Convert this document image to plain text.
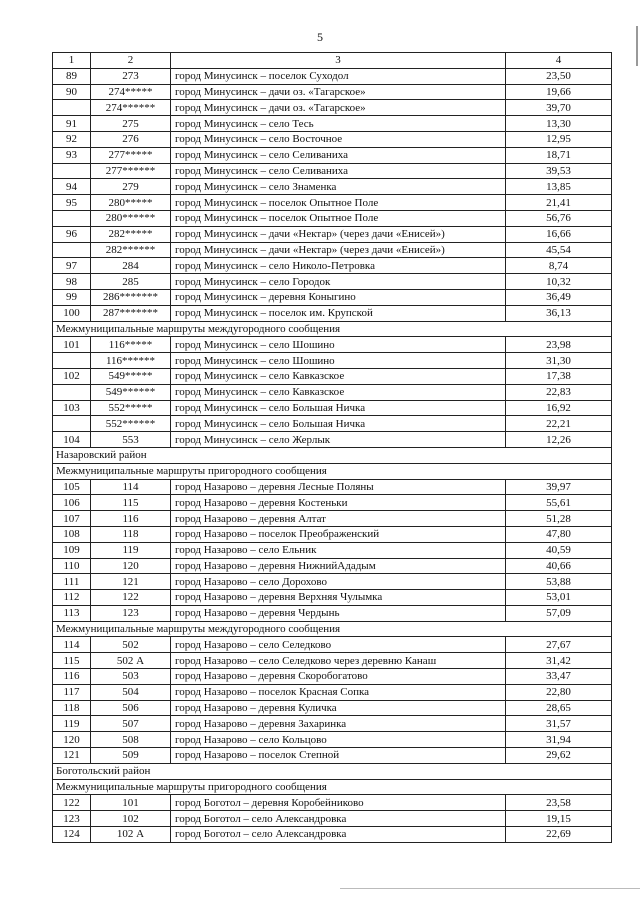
5
1	2	3	4
89	273	город Минусинск – поселок Суходол	23,50
90	274*****	город Минусинск – дачи оз. «Тагарское»	19,66
	274******	город Минусинск – дачи оз. «Тагарское»	39,70
91	275	город Минусинск – село Тесь	13,30
92	276	город Минусинск – село Восточное	12,95
93	277*****	город Минусинск – село Селиваниха	18,71
	277******	город Минусинск – село Селиваниха	39,53
94	279	город Минусинск – село Знаменка	13,85
95	280*****	город Минусинск – поселок Опытное Поле	21,41
	280******	город Минусинск – поселок Опытное Поле	56,76
96	282*****	город Минусинск – дачи «Нектар» (через дачи «Енисей»)	16,66
	282******	город Минусинск – дачи «Нектар» (через дачи «Енисей»)	45,54
97	284	город Минусинск – село Николо-Петровка	8,74
98	285	город Минусинск – село Городок	10,32
99	286*******	город Минусинск – деревня Коныгино	36,49
100	287*******	город Минусинск – поселок им. Крупской	36,13
Межмуниципальные маршруты междугородного сообщения			
101	116*****	город Минусинск – село Шошино	23,98
	116******	город Минусинск – село Шошино	31,30
102	549*****	город Минусинск – село Кавказское	17,38
	549******	город Минусинск – село Кавказское	22,83
103	552*****	город Минусинск – село Большая Ничка	16,92
	552******	город Минусинск – село Большая Ничка	22,21
104	553	город Минусинск – село Жерлык	12,26
Назаровский район			
Межмуниципальные маршруты пригородного сообщения			
105	114	город Назарово – деревня Лесные Поляны	39,97
106	115	город Назарово – деревня Костеньки	55,61
107	116	город Назарово – деревня Алтат	51,28
108	118	город Назарово – поселок Преображенский	47,80
109	119	город Назарово – село Ельник	40,59
110	120	город Назарово – деревня НижнийАдадым	40,66
111	121	город Назарово – село Дорохово	53,88
112	122	город Назарово – деревня Верхняя Чулымка	53,01
113	123	город Назарово – деревня Чердынь	57,09
Межмуниципальные маршруты междугородного сообщения			
114	502	город Назарово – село Селедково	27,67
115	502 А	город Назарово – село Селедково через деревню Канаш	31,42
116	503	город Назарово – деревня Скоробогатово	33,47
117	504	город Назарово – поселок Красная Сопка	22,80
118	506	город Назарово – деревня Куличка	28,65
119	507	город Назарово – деревня Захаринка	31,57
120	508	город Назарово – село Кольцово	31,94
121	509	город Назарово – поселок Степной	29,62
Боготольский район			
Межмуниципальные маршруты пригородного сообщения			
122	101	город Боготол – деревня Коробейниково	23,58
123	102	город Боготол – село Александровка	19,15
124	102 А	город Боготол – село Александровка	22,69
